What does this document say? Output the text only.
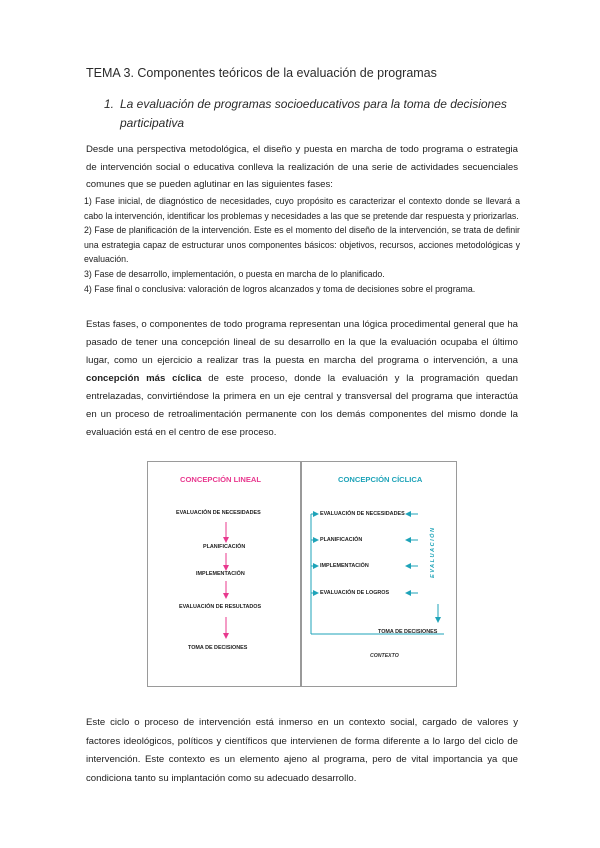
TEMA 3. Componentes teóricos de la evaluación de programas
1. La evaluación de programas socioeducativos para la toma de decisiones participativa

Desde una perspectiva metodológica, el diseño y puesta en marcha de todo programa o estrategia de intervención social o educativa conlleva la realización de una serie de actividades secuenciales comunes que se pueden aglutinar en las siguientes fases:

1) Fase inicial, de diagnóstico de necesidades, cuyo propósito es caracterizar el contexto donde se llevará a cabo la intervención, identificar los problemas y necesidades a las que se pretende dar respuesta y priorizarlas.
2) Fase de planificación de la intervención. Este es el momento del diseño de la intervención, se trata de definir una estrategia capaz de estructurar unos componentes básicos: objetivos, recursos, acciones metodológicas y evaluación.
3) Fase de desarrollo, implementación, o puesta en marcha de lo planificado.
4) Fase final o conclusiva: valoración de logros alcanzados y toma de decisiones sobre el programa.

Estas fases, o componentes de todo programa representan una lógica procedimental general que ha pasado de tener una concepción lineal de su desarrollo en la que la evaluación ocupaba el último lugar, como un ejercicio a realizar tras la puesta en marcha del programa o intervención, a una concepción más cíclica de este proceso, donde la evaluación y la programación quedan entrelazadas, convirtiéndose la primera en un eje central y transversal del programa que interactúa en un proceso de retroalimentación permanente con los demás componentes del mismo donde la evaluación está en el centro de ese proceso.

CONCEPCIÓN LINEAL
EVALUACIÓN DE NECESIDADES
PLANIFICACIÓN
IMPLEMENTACIÓN
EVALUACIÓN DE RESULTADOS
TOMA DE DECISIONES
CONCEPCIÓN CÍCLICA
EVALUACIÓN DE NECESIDADES
PLANIFICACIÓN
IMPLEMENTACIÓN
EVALUACIÓN DE LOGROS
TOMA DE DECISIONES
CONTEXTO
EVALUACIÓN

Este ciclo o proceso de intervención está inmerso en un contexto social, cargado de valores y factores ideológicos, políticos y científicos que intervienen de forma diferente a lo largo del ciclo de intervención. Este contexto es un elemento ajeno al programa, pero de vital importancia ya que condiciona tanto su implantación como su adecuado desarrollo.
